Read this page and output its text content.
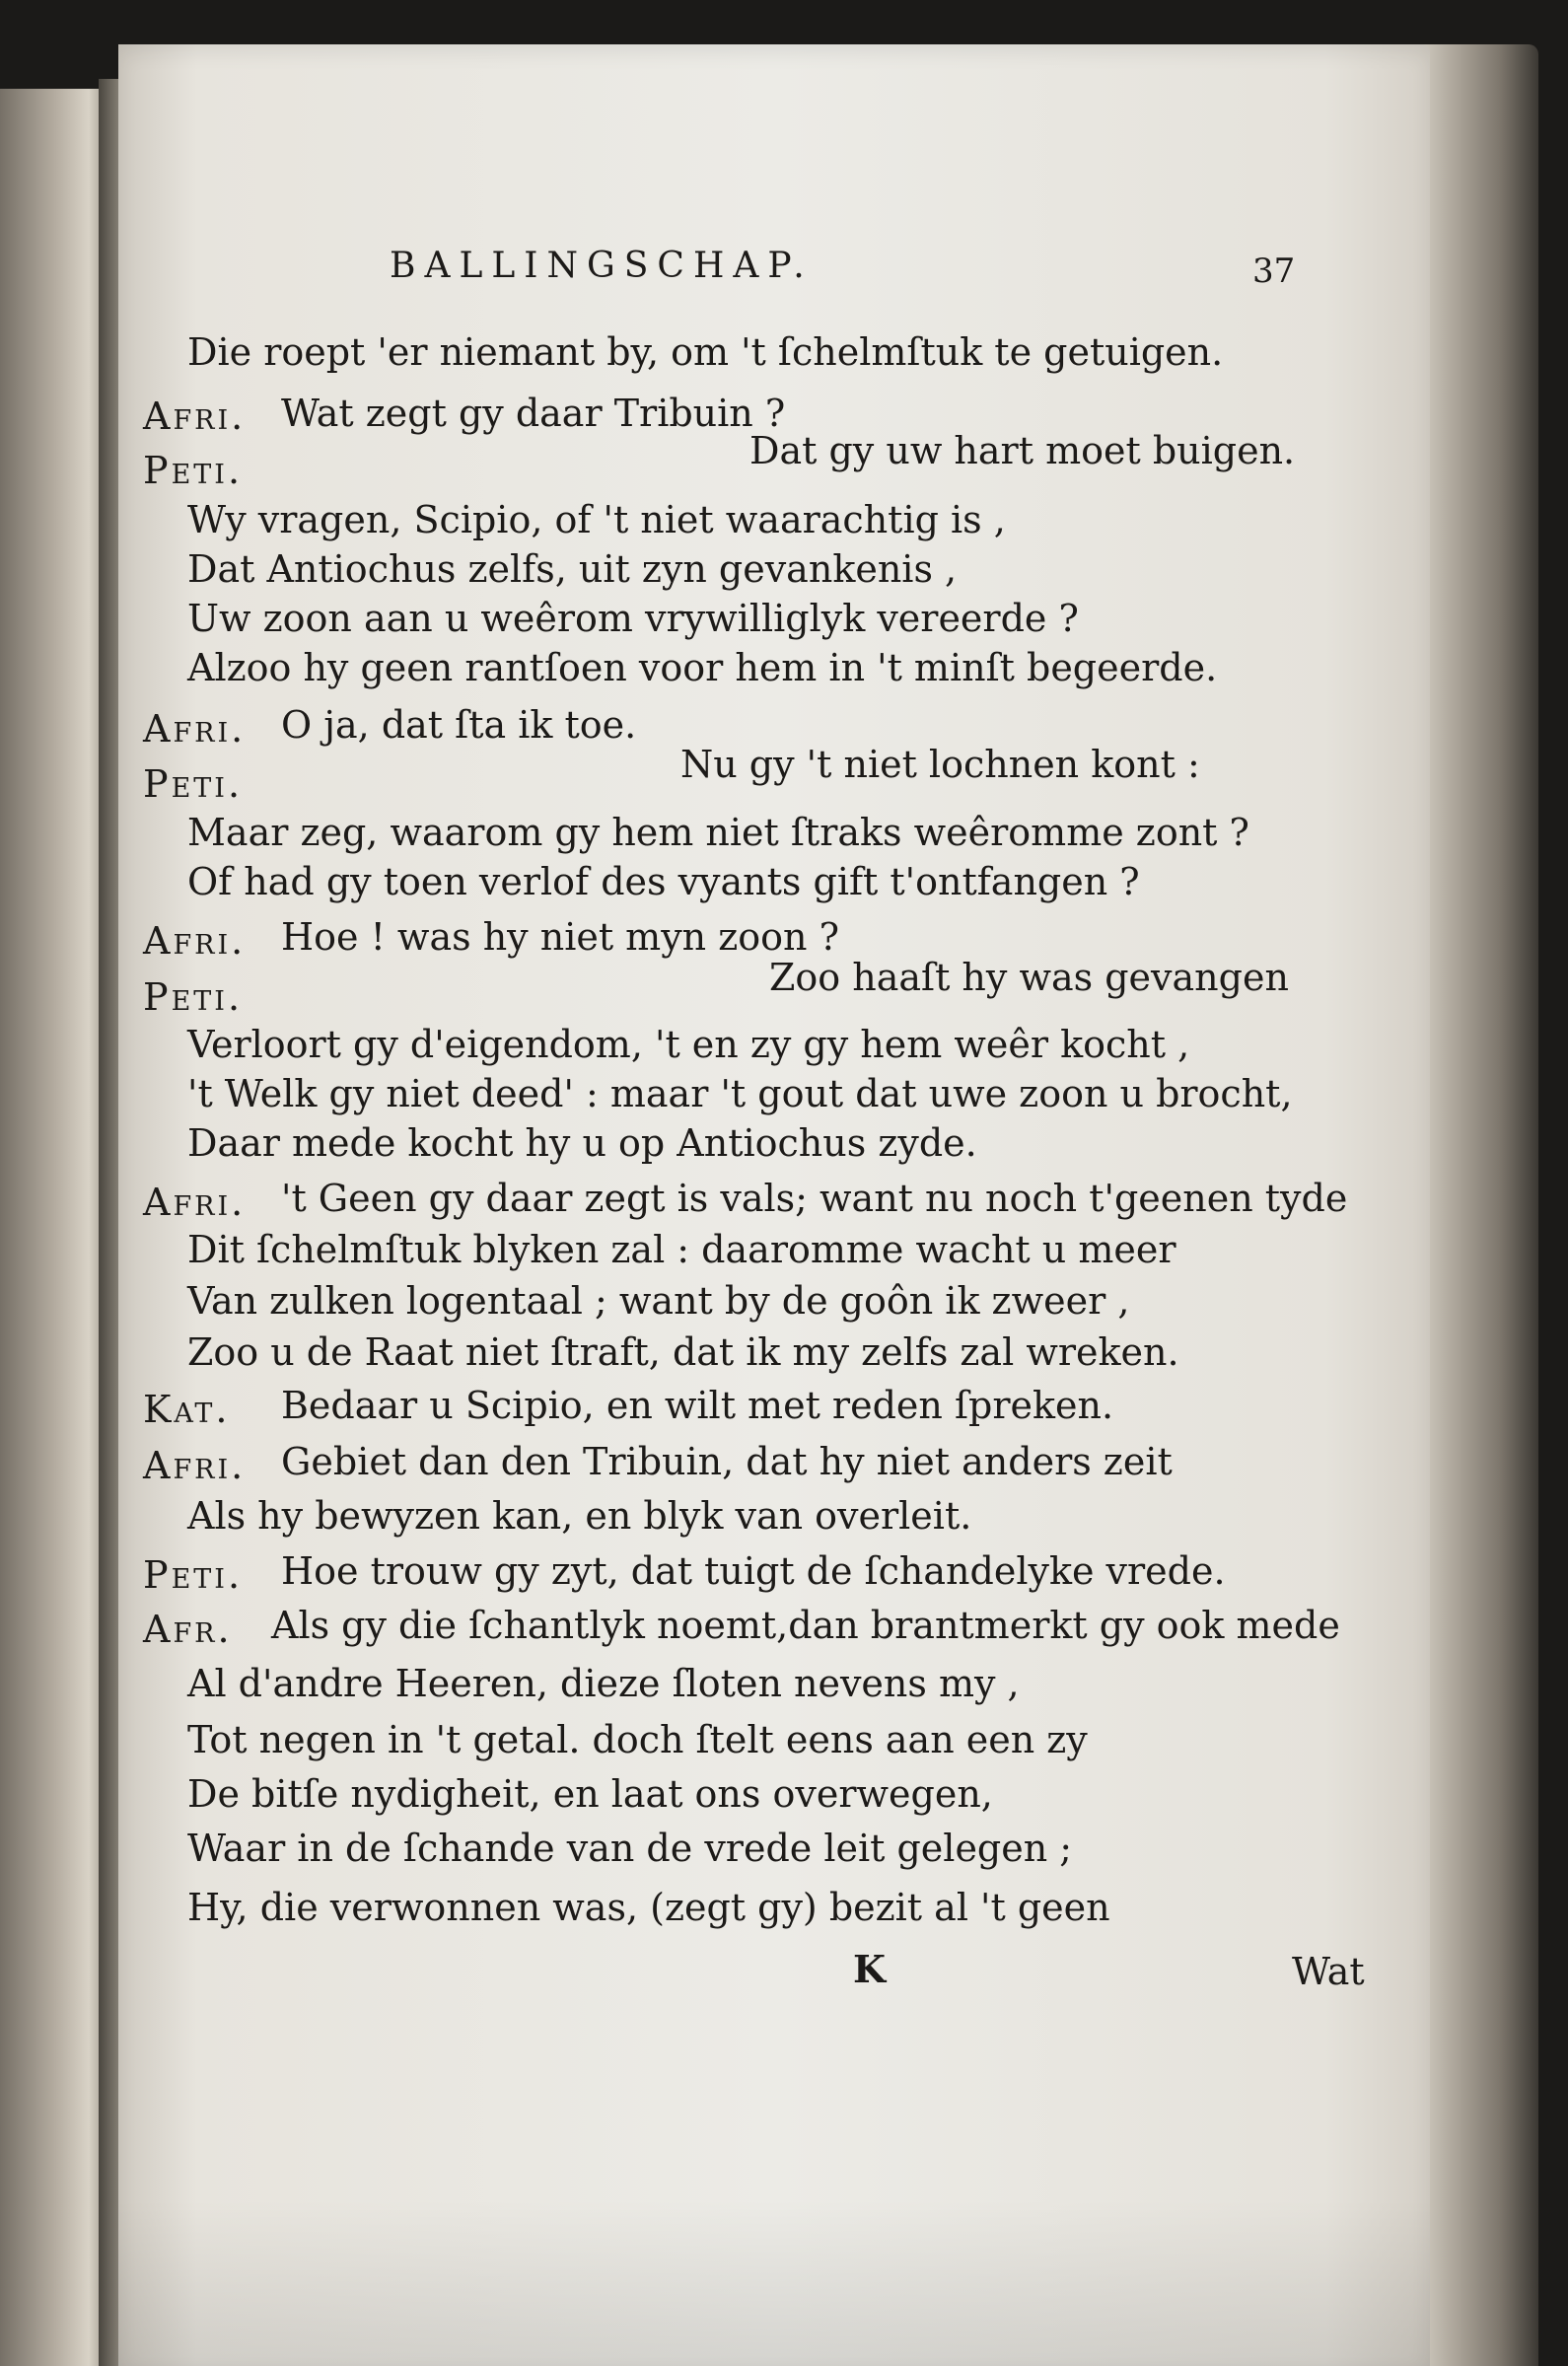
BALLINGSCHAP.	37
Die roept 'er niemant by, om 't ſchelmſtuk te getuigen.
Afri. Wat zegt gy daar Tribuin ?
Peti.	Dat gy uw hart moet buigen.
Wy vragen, Scipio, of 't niet waarachtig is ,
Dat Antiochus zelfs, uit zyn gevankenis ,
Uw zoon aan u weêrom vrywilliglyk vereerde ?
Alzoo hy geen rantſoen voor hem in 't minſt begeerde.
Afri. O ja, dat ſta ik toe.
Peti.	Nu gy 't niet lochnen kont :
Maar zeg, waarom gy hem niet ſtraks weêromme zont ?
Of had gy toen verlof des vyants gift t'ontfangen ?
Afri. Hoe ! was hy niet myn zoon ?
Peti.	Zoo haaſt hy was gevangen
Verloort gy d'eigendom, 't en zy gy hem weêr kocht ,
't Welk gy niet deed' : maar 't gout dat uwe zoon u brocht,
Daar mede kocht hy u op Antiochus zyde.
Afri. 't Geen gy daar zegt is vals; want nu noch t'geenen tyde
Dit ſchelmſtuk blyken zal : daaromme wacht u meer
Van zulken logentaal ; want by de goôn ik zweer ,
Zoo u de Raat niet ſtraft, dat ik my zelfs zal wreken.
Kat. Bedaar u Scipio, en wilt met reden ſpreken.
Afri. Gebiet dan den Tribuin, dat hy niet anders zeit
Als hy bewyzen kan, en blyk van overleit.
Peti. Hoe trouw gy zyt, dat tuigt de ſchandelyke vrede.
Afr. Als gy die ſchantlyk noemt,dan brantmerkt gy ook mede
Al d'andre Heeren, dieze ſloten nevens my ,
Tot negen in 't getal. doch ſtelt eens aan een zy
De bitſe nydigheit, en laat ons overwegen,
Waar in de ſchande van de vrede leit gelegen ;
Hy, die verwonnen was, (zegt gy) bezit al 't geen
K	Wat
